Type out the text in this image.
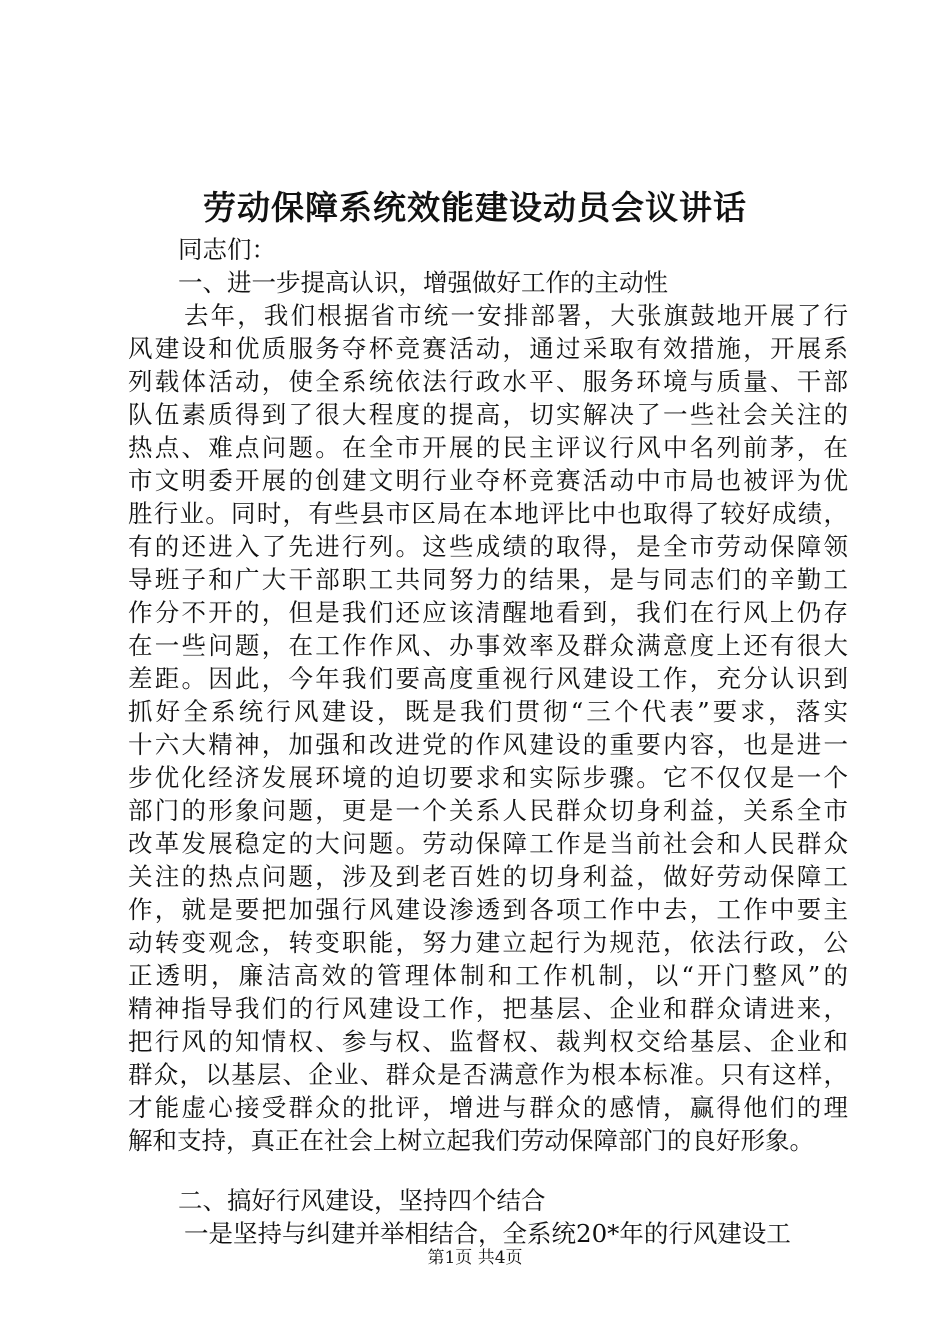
劳动保障系统效能建设动员会议讲话
同志们：
一、进一步提高认识，增强做好工作的主动性
去年，我们根据省市统一安排部署，大张旗鼓地开展了行
风建设和优质服务夺杯竞赛活动，通过采取有效措施，开展系
列载体活动，使全系统依法行政水平、服务环境与质量、干部
队伍素质得到了很大程度的提高，切实解决了一些社会关注的
热点、难点问题。在全市开展的民主评议行风中名列前茅，在
市文明委开展的创建文明行业夺杯竞赛活动中市局也被评为优
胜行业。同时，有些县市区局在本地评比中也取得了较好成绩，
有的还进入了先进行列。这些成绩的取得，是全市劳动保障领
导班子和广大干部职工共同努力的结果，是与同志们的辛勤工
作分不开的，但是我们还应该清醒地看到，我们在行风上仍存
在一些问题，在工作作风、办事效率及群众满意度上还有很大
差距。因此，今年我们要高度重视行风建设工作，充分认识到
抓好全系统行风建设，既是我们贯彻“三个代表”要求，落实
十六大精神，加强和改进党的作风建设的重要内容，也是进一
步优化经济发展环境的迫切要求和实际步骤。它不仅仅是一个
部门的形象问题，更是一个关系人民群众切身利益，关系全市
改革发展稳定的大问题。劳动保障工作是当前社会和人民群众
关注的热点问题，涉及到老百姓的切身利益，做好劳动保障工
作，就是要把加强行风建设渗透到各项工作中去，工作中要主
动转变观念，转变职能，努力建立起行为规范，依法行政，公
正透明，廉洁高效的管理体制和工作机制，以“开门整风”的
精神指导我们的行风建设工作，把基层、企业和群众请进来，
把行风的知情权、参与权、监督权、裁判权交给基层、企业和
群众，以基层、企业、群众是否满意作为根本标准。只有这样，
才能虚心接受群众的批评，增进与群众的感情，赢得他们的理
解和支持，真正在社会上树立起我们劳动保障部门的良好形象。
二、搞好行风建设，坚持四个结合
一是坚持与纠建并举相结合，全系统20*年的行风建设工
第1页 共4页
